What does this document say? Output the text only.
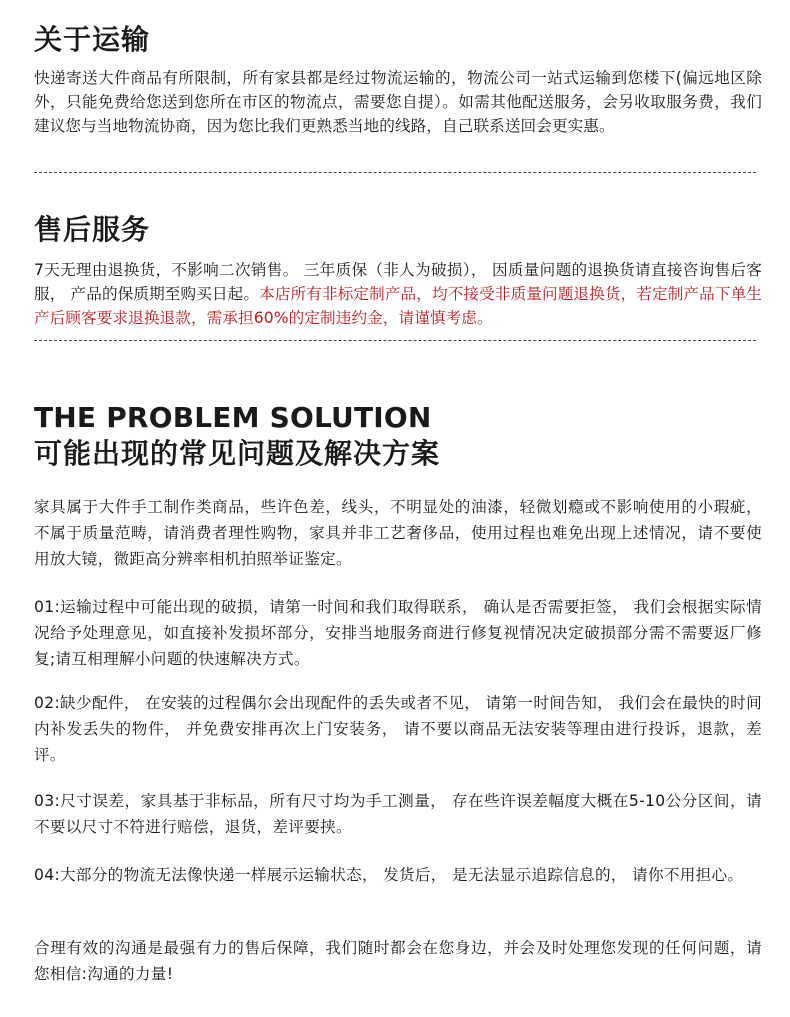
关于运输
快递寄送大件商品有所限制，所有家县都是经过物流运输的，物流公司一站式运输到您楼下(偏远地区除外，只能免费给您送到您所在市区的物流点，需要您自提）。如需其他配送服务，会另收取服务费，我们建议您与当地物流协商，因为您比我们更熟悉当地的线路，自己联系送回会更实惠。
售后服务
7天无理由退换货，不影响二次销售。 三年质保（非人为破损）， 因质量问题的退换货请直接咨询售后客服， 产品的保质期至购买日起。本店所有非标定制产品，均不接受非质量问题退换货，若定制产品下单生产后顾客要求退换退款，需承担60%的定制违约金，请谨慎考虑。
THE PROBLEM SOLUTION
可能出现的常见问题及解决方案
家具属于大件手工制作类商品，些许色差，线头，不明显处的油漆，轻微划瘾或不影响使用的小瑕疵，不属于质量范畴，请消费者理性购物，家具并非工艺奢侈品，使用过程也难免出现上述情况，请不要使用放大镜，微距高分辨率相机拍照举证鉴定。
01:运输过程中可能出现的破损，请第一时间和我们取得联系， 确认是否需要拒签， 我们会根据实际情况给予处理意见，如直接补发损坏部分，安排当地服务商进行修复视情况决定破损部分需不需要返厂修复;请互相理解小问题的快速解决方式。
02:缺少配件， 在安装的过程偶尔会出现配件的丢失或者不见， 请第一时间告知， 我们会在最快的时间内补发丢失的物件， 并免费安排再次上门安装务， 请不要以商品无法安装等理由进行投诉，退款，差评。
03:尺寸误差，家具基于非标品，所有尺寸均为手工测量， 存在些许误差幅度大概在5-10公分区间，请不要以尺寸不符进行赔偿，退货，差评要挟。
04:大部分的物流无法像快递一样展示运输状态， 发货后， 是无法显示追踪信息的， 请你不用担心。
合理有效的沟通是最强有力的售后保障，我们随时都会在您身边，并会及时处理您发现的任何问题，请您相信:沟通的力量!
